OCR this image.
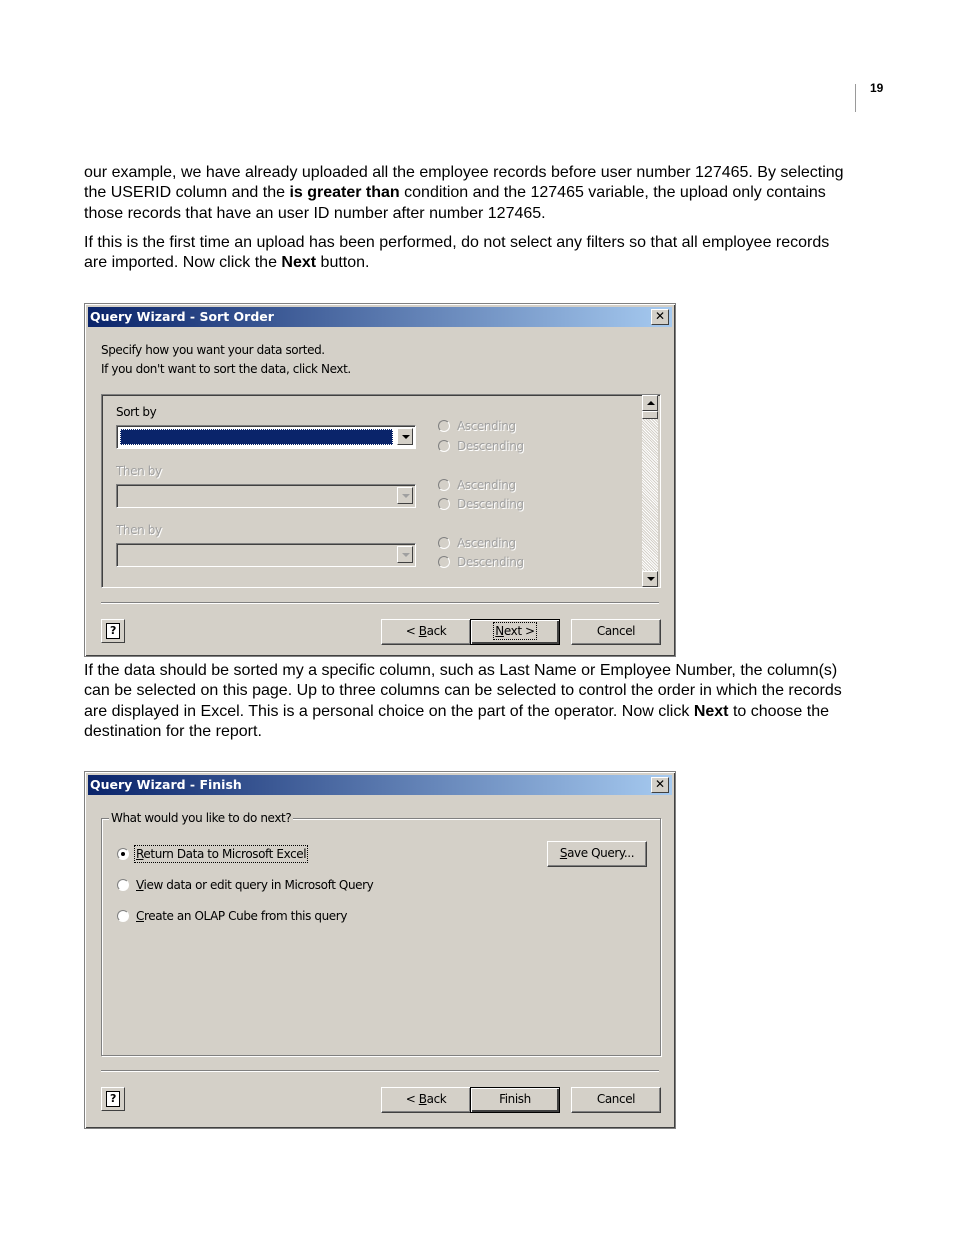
19

our example, we have already uploaded all the employee records before user number 127465. By selecting the USERID column and the is greater than condition and the 127465 variable, the upload only contains those records that have an user ID number after number 127465.

If this is the first time an upload has been performed, do not select any filters so that all employee records are imported. Now click the Next button.

Query Wizard - Sort Order	✕
Specify how you want your data sorted.
If you don't want to sort the data, click Next.
Sort by
Ascending
Descending
Then by
Ascending
Descending
Then by
Ascending
Descending
?	< Back	Next >	Cancel

If the data should be sorted my a specific column, such as Last Name or Employee Number, the column(s) can be selected on this page. Up to three columns can be selected to control the order in which the records are displayed in Excel. This is a personal choice on the part of the operator. Now click Next to choose the destination for the report.

Query Wizard - Finish	✕
What would you like to do next?
Return Data to Microsoft Excel
View data or edit query in Microsoft Query
Create an OLAP Cube from this query
Save Query...
?	< Back	Finish	Cancel
